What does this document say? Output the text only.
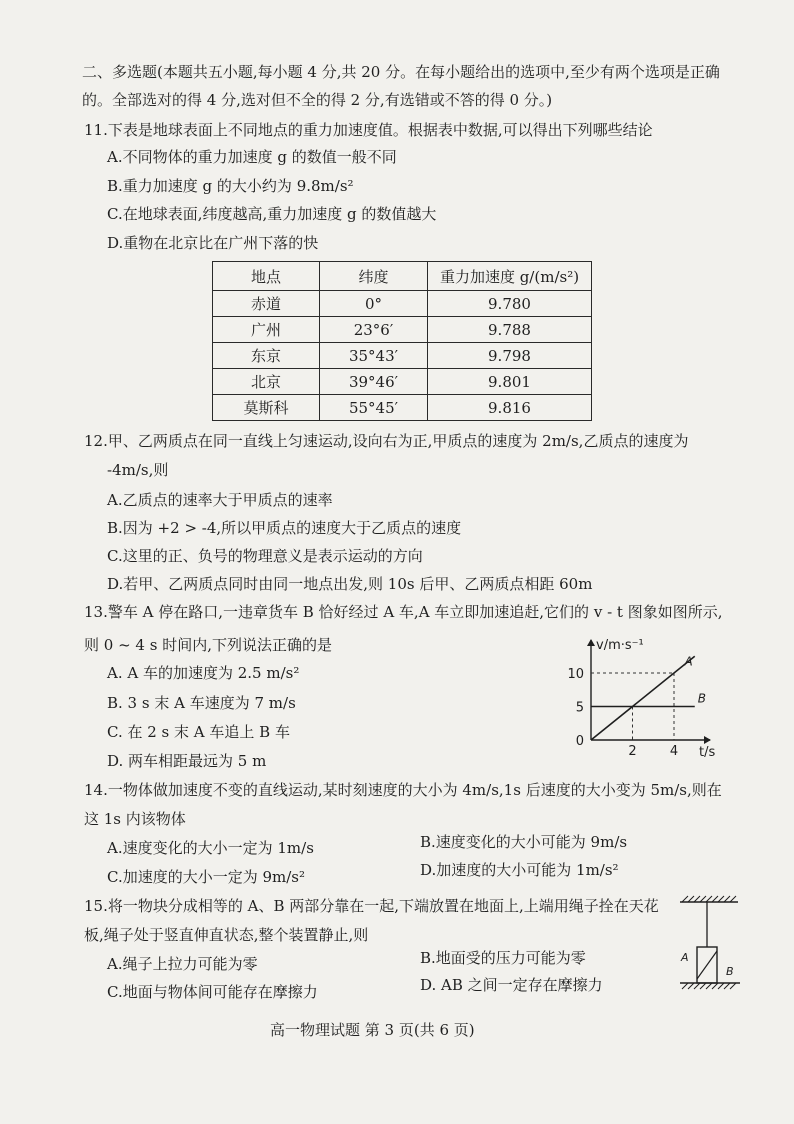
二、多选题(本题共五小题,每小题 4 分,共 20 分。在每小题给出的选项中,至少有两个选项是正确
的。全部选对的得 4 分,选对但不全的得 2 分,有选错或不答的得 0 分。)
11.下表是地球表面上不同地点的重力加速度值。根据表中数据,可以得出下列哪些结论
A.不同物体的重力加速度 g 的数值一般不同
B.重力加速度 g 的大小约为 9.8m/s²
C.在地球表面,纬度越高,重力加速度 g 的数值越大
D.重物在北京比在广州下落的快
地点	纬度	重力加速度 g/(m/s²)
赤道	0°	9.780
广州	23°6′	9.788
东京	35°43′	9.798
北京	39°46′	9.801
莫斯科	55°45′	9.816
12.甲、乙两质点在同一直线上匀速运动,设向右为正,甲质点的速度为 2m/s,乙质点的速度为
-4m/s,则
A.乙质点的速率大于甲质点的速率
B.因为 +2 > -4,所以甲质点的速度大于乙质点的速度
C.这里的正、负号的物理意义是表示运动的方向
D.若甲、乙两质点同时由同一地点出发,则 10s 后甲、乙两质点相距 60m
13.警车 A 停在路口,一违章货车 B 恰好经过 A 车,A 车立即加速追赶,它们的 v - t 图象如图所示,
则 0 ~ 4 s 时间内,下列说法正确的是
A. A 车的加速度为 2.5 m/s²
B. 3 s 末 A 车速度为 7 m/s
C. 在 2 s 末 A 车追上 B 车
D. 两车相距最远为 5 m
v/m·s⁻¹
t/s
10
5
0
2	4
A
B
14.一物体做加速度不变的直线运动,某时刻速度的大小为 4m/s,1s 后速度的大小变为 5m/s,则在
这 1s 内该物体
A.速度变化的大小一定为 1m/s	B.速度变化的大小可能为 9m/s
C.加速度的大小一定为 9m/s²	D.加速度的大小可能为 1m/s²
15.将一物块分成相等的 A、B 两部分靠在一起,下端放置在地面上,上端用绳子拴在天花
板,绳子处于竖直伸直状态,整个装置静止,则
A.绳子上拉力可能为零	B.地面受的压力可能为零
C.地面与物体间可能存在摩擦力	D. AB 之间一定存在摩擦力
A
B
高一物理试题 第 3 页(共 6 页)
